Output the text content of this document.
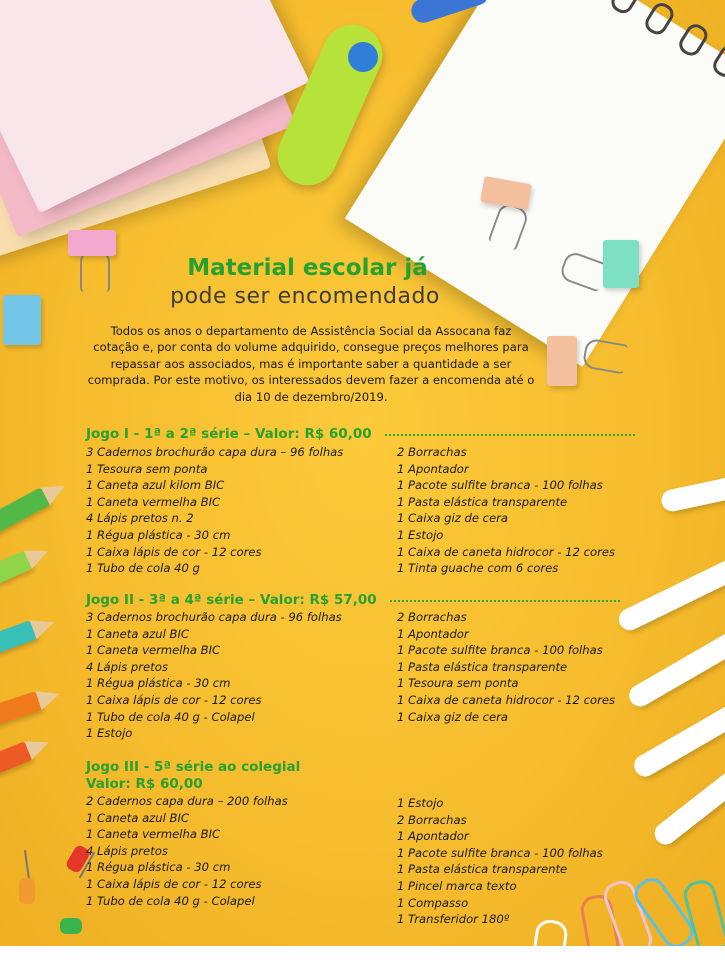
Material escolar já
pode ser encomendado
Todos os anos o departamento de Assistência Social da Assocana faz cotação e, por conta do volume adquirido, consegue preços melhores para repassar aos associados, mas é importante saber a quantidade a ser comprada. Por este motivo, os interessados devem fazer a encomenda até o dia 10 de dezembro/2019.
Jogo I - 1ª a 2ª série – Valor: R$ 60,00
3 Cadernos brochurão capa dura – 96 folhas
1 Tesoura sem ponta
1 Caneta azul kilom BIC
1 Caneta vermelha BIC
4 Lápis pretos n. 2
1 Régua plástica - 30 cm
1 Caixa lápis de cor - 12 cores
1 Tubo de cola 40 g
2 Borrachas
1 Apontador
1 Pacote sulfite branca - 100 folhas
1 Pasta elástica transparente
1 Caixa giz de cera
1 Estojo
1 Caixa de caneta hidrocor - 12 cores
1 Tinta guache com 6 cores
Jogo II - 3ª a 4ª série – Valor: R$ 57,00
3 Cadernos brochurão capa dura - 96 folhas
1 Caneta azul BIC
1 Caneta vermelha BIC
4 Lápis pretos
1 Régua plástica - 30 cm
1 Caixa lápis de cor - 12 cores
1 Tubo de cola 40 g - Colapel
1 Estojo
2 Borrachas
1 Apontador
1 Pacote sulfite branca - 100 folhas
1 Pasta elástica transparente
1 Tesoura sem ponta
1 Caixa de caneta hidrocor - 12 cores
1 Caixa giz de cera
Jogo III - 5ª série ao colegial
Valor: R$ 60,00
2 Cadernos capa dura – 200 folhas
1 Caneta azul BIC
1 Caneta vermelha BIC
4 Lápis pretos
1 Régua plástica - 30 cm
1 Caixa lápis de cor - 12 cores
1 Tubo de cola 40 g - Colapel
1 Estojo
2 Borrachas
1 Apontador
1 Pacote sulfite branca - 100 folhas
1 Pasta elástica transparente
1 Pincel marca texto
1 Compasso
1 Transferidor 180º
